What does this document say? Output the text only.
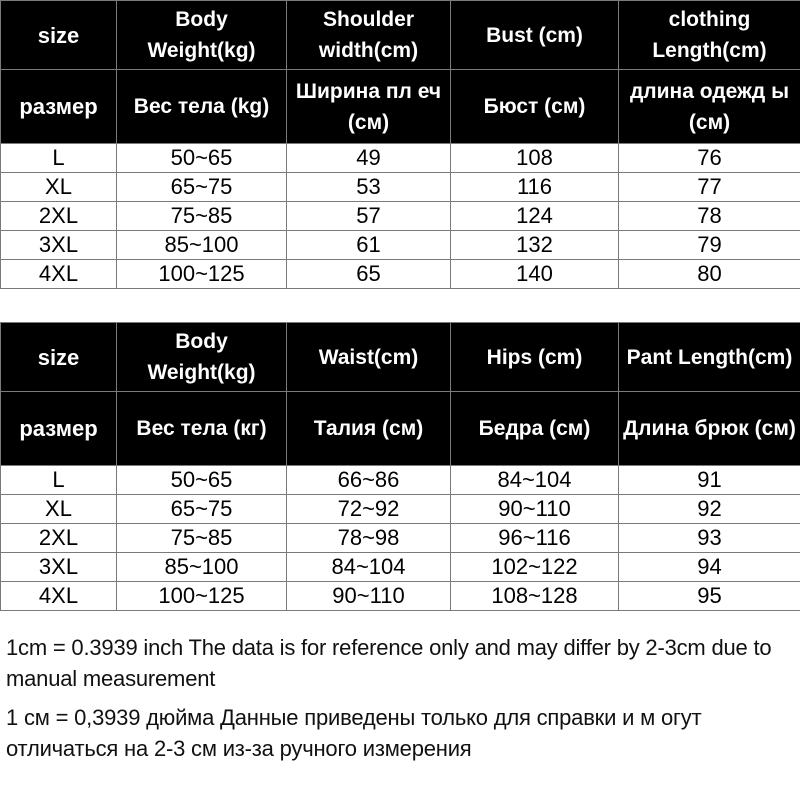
size	Body Weight(kg)	Shoulder width(cm)	Bust (cm)	clothing Length(cm)
размер	Вес тела (kg)	Ширина пл еч (см)	Бюст (см)	длина одежд ы (см)
L	50~65	49	108	76
XL	65~75	53	116	77
2XL	75~85	57	124	78
3XL	85~100	61	132	79
4XL	100~125	65	140	80
size	Body Weight(kg)	Waist(cm)	Hips (cm)	Pant Length(cm)
размер	Вес тела (кг)	Талия (см)	Бедра (см)	Длина брюк (см)
L	50~65	66~86	84~104	91
XL	65~75	72~92	90~110	92
2XL	75~85	78~98	96~116	93
3XL	85~100	84~104	102~122	94
4XL	100~125	90~110	108~128	95
1cm = 0.3939 inch The data is for reference only and may differ by 2-3cm due to manual measurement
1 см = 0,3939 дюйма Данные приведены только для справки и м огут отличаться на 2-3 см из-за ручного измерения
